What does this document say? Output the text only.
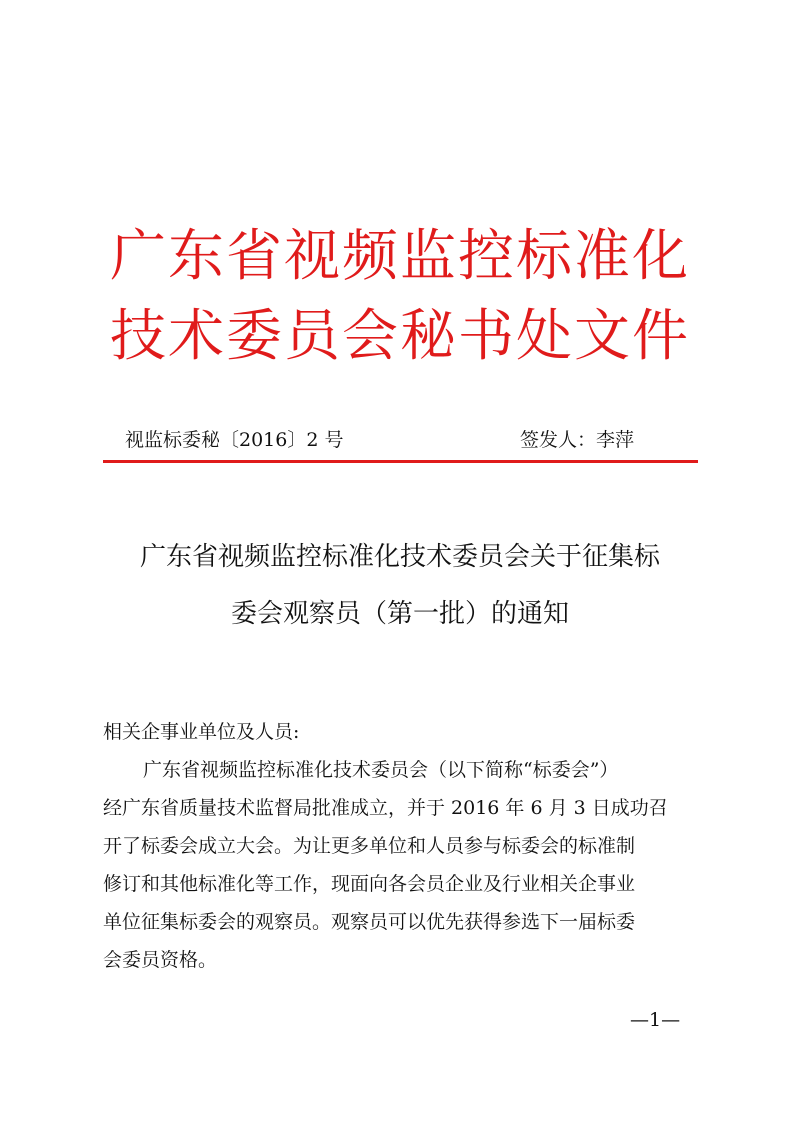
广东省视频监控标准化
技术委员会秘书处文件
视监标委秘〔2016〕2 号	签发人：李萍
广东省视频监控标准化技术委员会关于征集标
委会观察员（第一批）的通知
相关企事业单位及人员:
广东省视频监控标准化技术委员会（以下简称“标委会”）
经广东省质量技术监督局批准成立，并于 2016 年 6 月 3 日成功召
开了标委会成立大会。为让更多单位和人员参与标委会的标准制
修订和其他标准化等工作，现面向各会员企业及行业相关企事业
单位征集标委会的观察员。观察员可以优先获得参选下一届标委
会委员资格。
—1—
